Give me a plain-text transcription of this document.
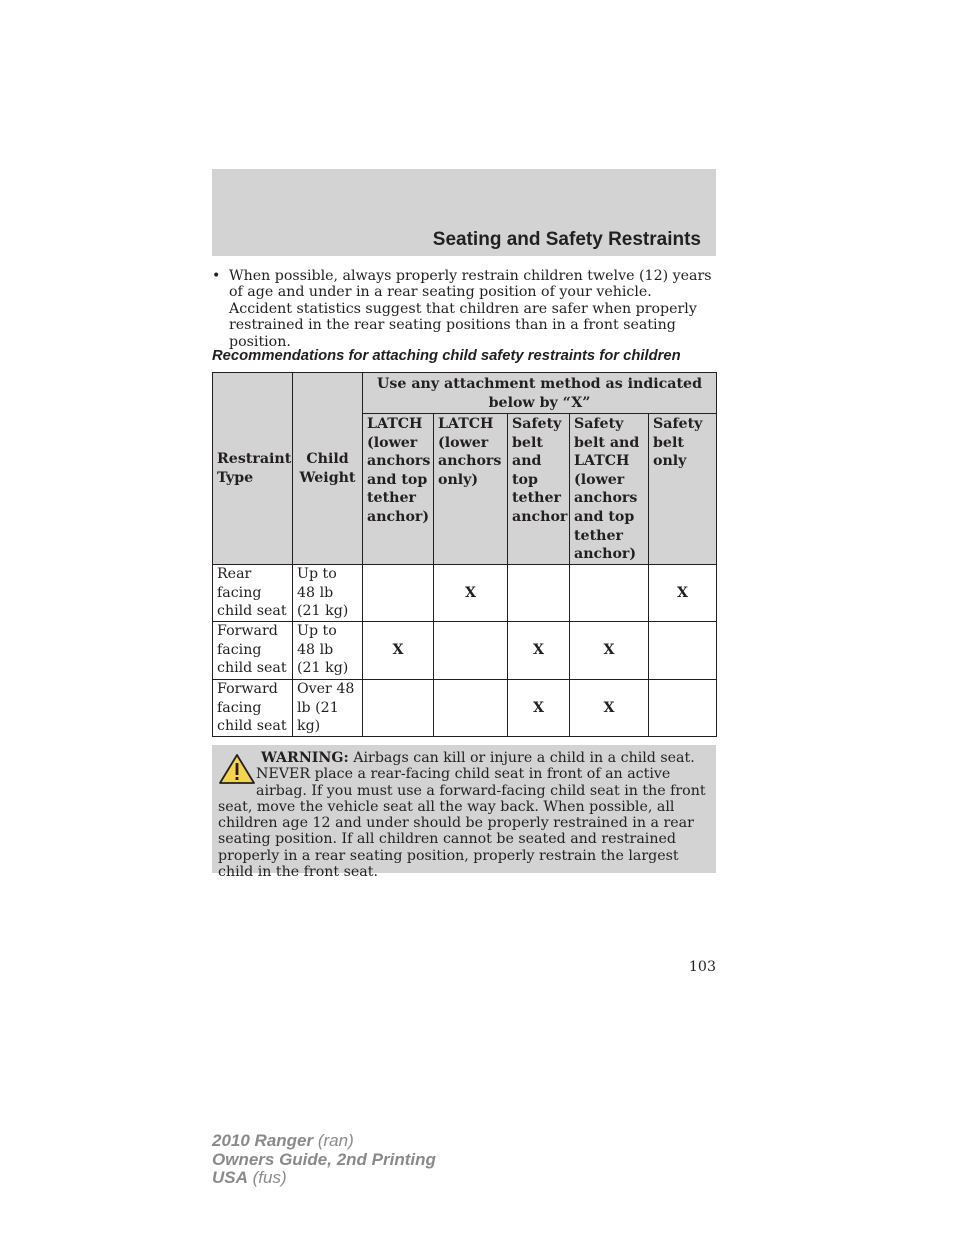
Seating and Safety Restraints
• When possible, always properly restrain children twelve (12) years of age and under in a rear seating position of your vehicle. Accident statistics suggest that children are safer when properly restrained in the rear seating positions than in a front seating position.
Recommendations for attaching child safety restraints for children
Restraint Type	Child Weight	Use any attachment method as indicated below by “X”				
		LATCH (lower anchors and top tether anchor)	LATCH (lower anchors only)	Safety belt and top tether anchor	Safety belt and LATCH (lower anchors and top tether anchor)	Safety belt only
Rear facing child seat	Up to 48 lb (21 kg)		X			X
Forward facing child seat	Up to 48 lb (21 kg)	X		X	X	
Forward facing child seat	Over 48 lb (21 kg)			X	X	
WARNING: Airbags can kill or injure a child in a child seat. NEVER place a rear-facing child seat in front of an active airbag. If you must use a forward-facing child seat in the front seat, move the vehicle seat all the way back. When possible, all children age 12 and under should be properly restrained in a rear seating position. If all children cannot be seated and restrained properly in a rear seating position, properly restrain the largest child in the front seat.
103
2010 Ranger (ran)
Owners Guide, 2nd Printing
USA (fus)
